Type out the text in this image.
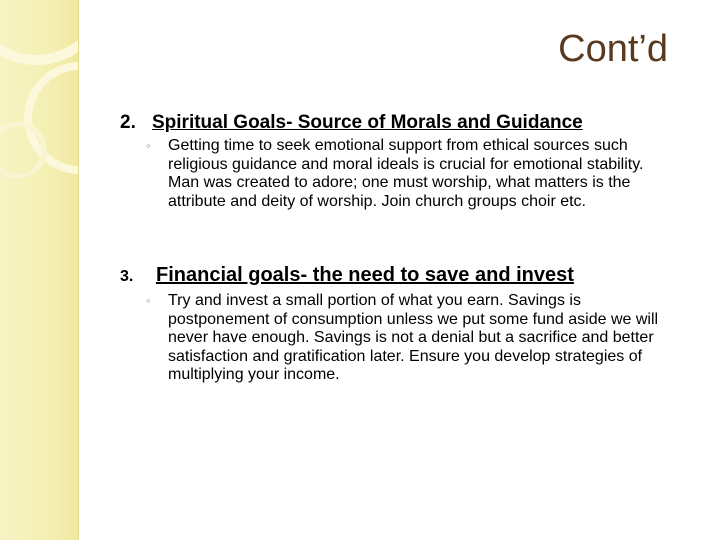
Cont’d
2. Spiritual Goals- Source of Morals and Guidance
◦ Getting time to seek emotional support from ethical sources such religious guidance and moral ideals is crucial for emotional stability. Man was created to adore; one must worship, what matters is the attribute and deity of worship. Join church groups choir etc.
3. Financial goals- the need to save and invest
◦ Try and invest a small portion of what you earn. Savings is postponement of consumption unless we put some fund aside we will never have enough. Savings is not a denial but a sacrifice and better satisfaction and gratification later. Ensure you develop strategies of multiplying your income.
